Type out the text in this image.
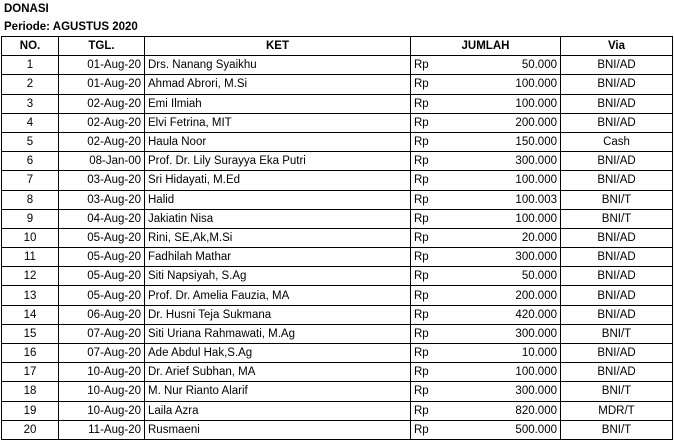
DONASI
Periode: AGUSTUS 2020
NO.	TGL.	KET	JUMLAH	Via
1	01-Aug-20	Drs. Nanang Syaikhu	Rp 50.000	BNI/AD
2	01-Aug-20	Ahmad Abrori, M.Si	Rp 100.000	BNI/AD
3	02-Aug-20	Emi Ilmiah	Rp 100.000	BNI/AD
4	02-Aug-20	Elvi Fetrina, MIT	Rp 200.000	BNI/AD
5	02-Aug-20	Haula Noor	Rp 150.000	Cash
6	08-Jan-00	Prof. Dr. Lily Surayya Eka Putri	Rp 300.000	BNI/AD
7	03-Aug-20	Sri Hidayati, M.Ed	Rp 100.000	BNI/AD
8	03-Aug-20	Halid	Rp 100.003	BNI/T
9	04-Aug-20	Jakiatin Nisa	Rp 100.000	BNI/T
10	05-Aug-20	Rini, SE,Ak,M.Si	Rp 20.000	BNI/AD
11	05-Aug-20	Fadhilah Mathar	Rp 300.000	BNI/AD
12	05-Aug-20	Siti Napsiyah, S.Ag	Rp 50.000	BNI/AD
13	05-Aug-20	Prof. Dr. Amelia Fauzia, MA	Rp 200.000	BNI/AD
14	06-Aug-20	Dr. Husni Teja Sukmana	Rp 420.000	BNI/AD
15	07-Aug-20	Siti Uriana Rahmawati, M.Ag	Rp 300.000	BNI/T
16	07-Aug-20	Ade Abdul Hak,S.Ag	Rp 10.000	BNI/AD
17	10-Aug-20	Dr. Arief Subhan, MA	Rp 100.000	BNI/AD
18	10-Aug-20	M. Nur Rianto Alarif	Rp 300.000	BNI/T
19	10-Aug-20	Laila Azra	Rp 820.000	MDR/T
20	11-Aug-20	Rusmaeni	Rp 500.000	BNI/T
